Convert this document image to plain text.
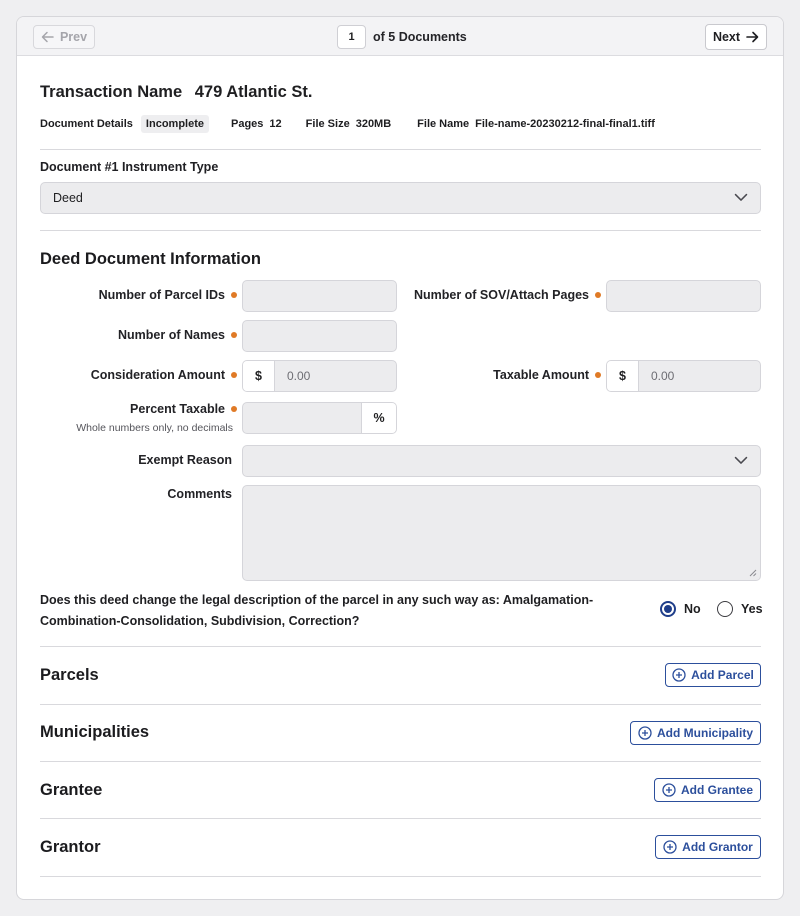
Prev	1	of 5 Documents	Next
Transaction Name 479 Atlantic St.
Document Details	Incomplete	Pages 12 File Size 320MB File Name File-name-20230212-final-final1.tiff
Document #1 Instrument Type
Deed
Deed Document Information
Number of Parcel IDs	Number of SOV/Attach Pages
Number of Names
Consideration Amount	$	0.00	Taxable Amount	$	0.00
Percent Taxable
Whole numbers only, no decimals
%
Exempt Reason
Comments
Does this deed change the legal description of the parcel in any such way as: Amalgamation-Combination-Consolidation, Subdivision, Correction?
No	Yes
Parcels	Add Parcel
Municipalities	Add Municipality
Grantee	Add Grantee
Grantor	Add Grantor
